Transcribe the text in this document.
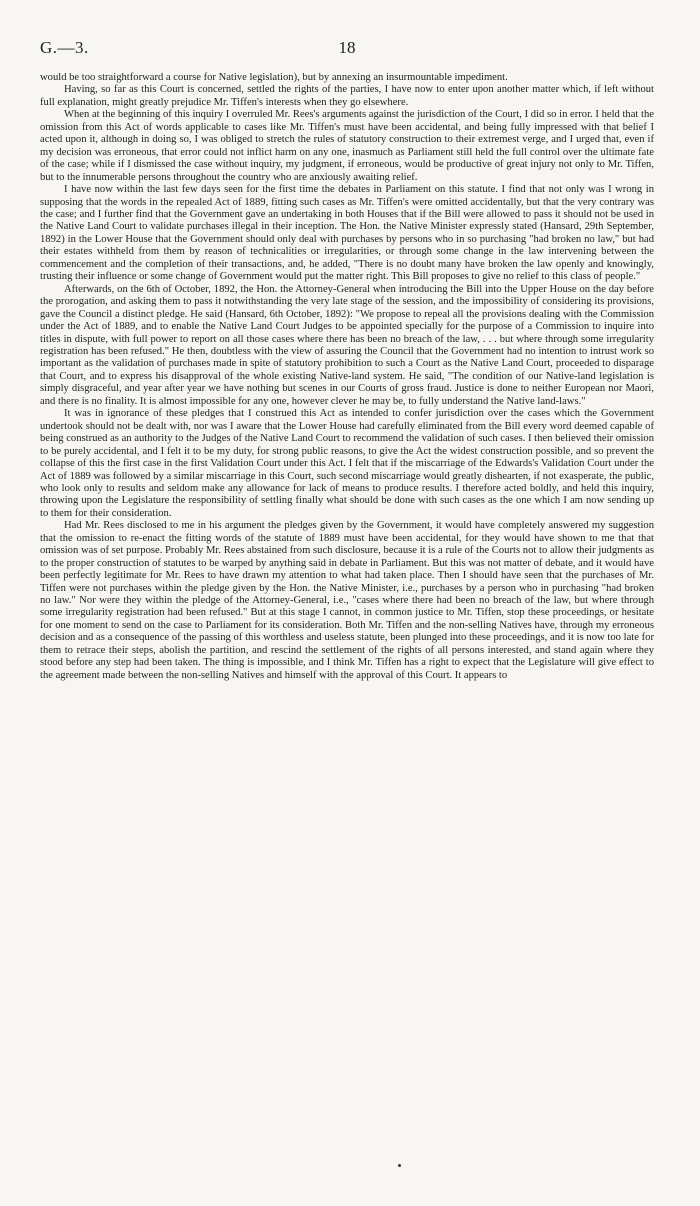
G.—3.	18

would be too straightforward a course for Native legislation), but by annexing an insurmountable impediment.

Having, so far as this Court is concerned, settled the rights of the parties, I have now to enter upon another matter which, if left without full explanation, might greatly prejudice Mr. Tiffen's interests when they go elsewhere.

When at the beginning of this inquiry I overruled Mr. Rees's arguments against the jurisdiction of the Court, I did so in error. I held that the omission from this Act of words applicable to cases like Mr. Tiffen's must have been accidental, and being fully impressed with that belief I acted upon it, although in doing so, I was obliged to stretch the rules of statutory construction to their extremest verge, and I urged that, even if my decision was erroneous, that error could not inflict harm on any one, inasmuch as Parliament still held the full control over the ultimate fate of the case; while if I dismissed the case without inquiry, my judgment, if erroneous, would be productive of great injury not only to Mr. Tiffen, but to the innumerable persons throughout the country who are anxiously awaiting relief.

I have now within the last few days seen for the first time the debates in Parliament on this statute. I find that not only was I wrong in supposing that the words in the repealed Act of 1889, fitting such cases as Mr. Tiffen's were omitted accidentally, but that the very contrary was the case; and I further find that the Government gave an undertaking in both Houses that if the Bill were allowed to pass it should not be used in the Native Land Court to validate purchases illegal in their inception. The Hon. the Native Minister expressly stated (Hansard, 29th September, 1892) in the Lower House that the Government should only deal with purchases by persons who in so purchasing "had broken no law," but had their estates withheld from them by reason of technicalities or irregularities, or through some change in the law intervening between the commencement and the completion of their transactions, and, he added, "There is no doubt many have broken the law openly and knowingly, trusting their influence or some change of Government would put the matter right. This Bill proposes to give no relief to this class of people."

Afterwards, on the 6th of October, 1892, the Hon. the Attorney-General when introducing the Bill into the Upper House on the day before the prorogation, and asking them to pass it notwithstanding the very late stage of the session, and the impossibility of considering its provisions, gave the Council a distinct pledge. He said (Hansard, 6th October, 1892): "We propose to repeal all the provisions dealing with the Commission under the Act of 1889, and to enable the Native Land Court Judges to be appointed specially for the purpose of a Commission to inquire into titles in dispute, with full power to report on all those cases where there has been no breach of the law, . . . but where through some irregularity registration has been refused." He then, doubtless with the view of assuring the Council that the Government had no intention to intrust work so important as the validation of purchases made in spite of statutory prohibition to such a Court as the Native Land Court, proceeded to disparage that Court, and to express his disapproval of the whole existing Native-land system. He said, "The condition of our Native-land legislation is simply disgraceful, and year after year we have nothing but scenes in our Courts of gross fraud. Justice is done to neither European nor Maori, and there is no finality. It is almost impossible for any one, however clever he may be, to fully understand the Native land-laws."

It was in ignorance of these pledges that I construed this Act as intended to confer jurisdiction over the cases which the Government undertook should not be dealt with, nor was I aware that the Lower House had carefully eliminated from the Bill every word deemed capable of being construed as an authority to the Judges of the Native Land Court to recommend the validation of such cases. I then believed their omission to be purely accidental, and I felt it to be my duty, for strong public reasons, to give the Act the widest construction possible, and so prevent the collapse of this the first case in the first Validation Court under this Act. I felt that if the miscarriage of the Edwards's Validation Court under the Act of 1889 was followed by a similar miscarriage in this Court, such second miscarriage would greatly dishearten, if not exasperate, the public, who look only to results and seldom make any allowance for lack of means to produce results. I therefore acted boldly, and held this inquiry, throwing upon the Legislature the responsibility of settling finally what should be done with such cases as the one which I am now sending up to them for their consideration.

Had Mr. Rees disclosed to me in his argument the pledges given by the Government, it would have completely answered my suggestion that the omission to re-enact the fitting words of the statute of 1889 must have been accidental, for they would have shown to me that that omission was of set purpose. Probably Mr. Rees abstained from such disclosure, because it is a rule of the Courts not to allow their judgments as to the proper construction of statutes to be warped by anything said in debate in Parliament. But this was not matter of debate, and it would have been perfectly legitimate for Mr. Rees to have drawn my attention to what had taken place. Then I should have seen that the purchases of Mr. Tiffen were not purchases within the pledge given by the Hon. the Native Minister, i.e., purchases by a person who in purchasing "had broken no law." Nor were they within the pledge of the Attorney-General, i.e., "cases where there had been no breach of the law, but where through some irregularity registration had been refused." But at this stage I cannot, in common justice to Mr. Tiffen, stop these proceedings, or hesitate for one moment to send on the case to Parliament for its consideration. Both Mr. Tiffen and the non-selling Natives have, through my erroneous decision and as a consequence of the passing of this worthless and useless statute, been plunged into these proceedings, and it is now too late for them to retrace their steps, abolish the partition, and rescind the settlement of the rights of all persons interested, and stand again where they stood before any step had been taken. The thing is impossible, and I think Mr. Tiffen has a right to expect that the Legislature will give effect to the agreement made between the non-selling Natives and himself with the approval of this Court. It appears to
